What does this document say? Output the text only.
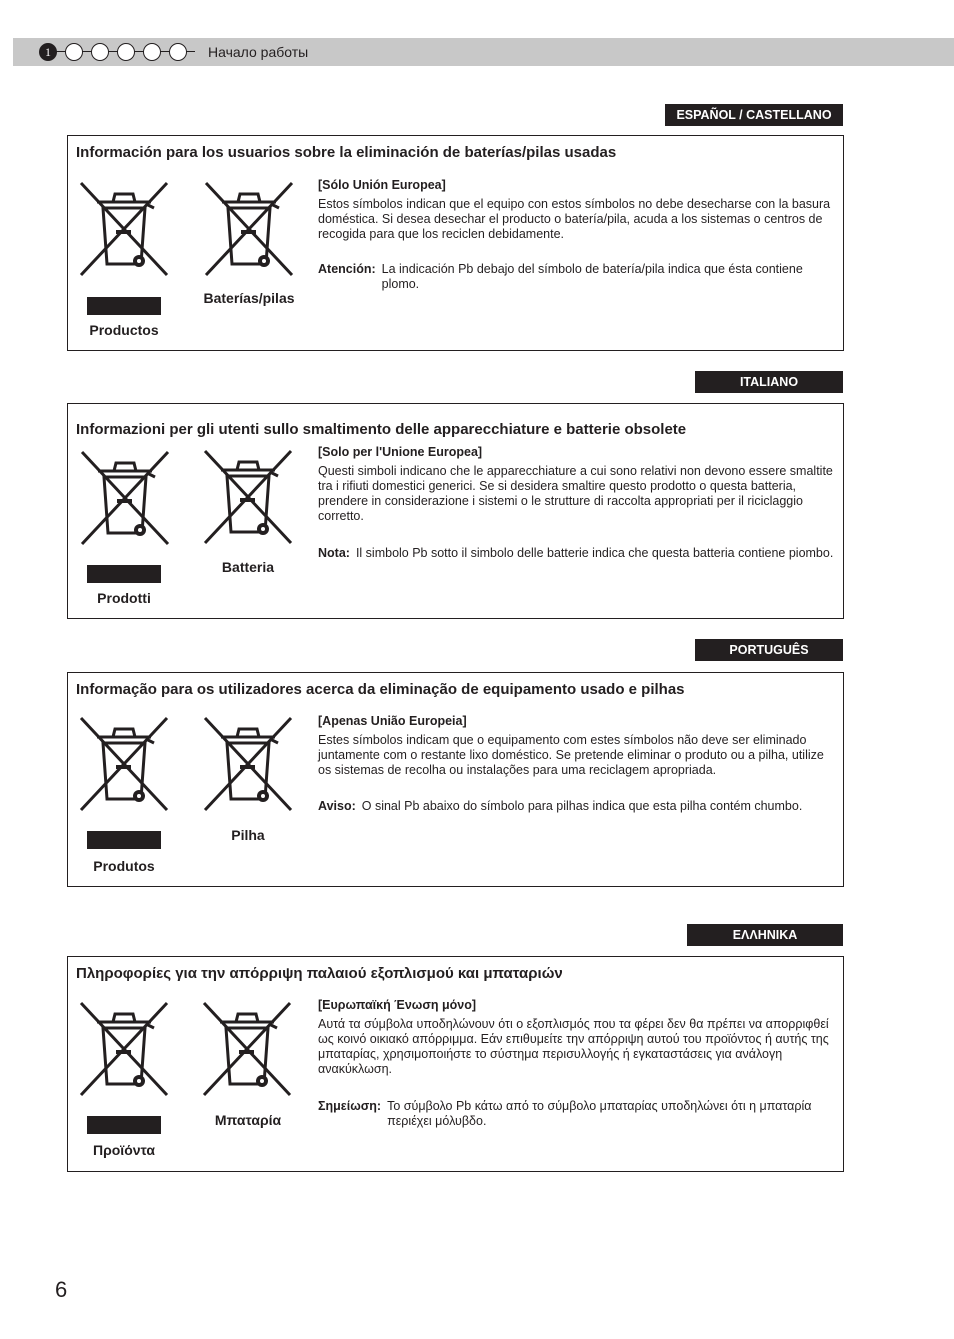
1	Начало работы
ESPAÑOL / CASTELLANO
Información para los usuarios sobre la eliminación de baterías/pilas usadas
Productos
Baterías/pilas
[Sólo Unión Europea]
Estos símbolos indican que el equipo con estos símbolos no debe desecharse con la basura doméstica. Si desea desechar el producto o batería/pila, acuda a los sistemas o centros de recogida para que los reciclen debidamente.
Atención: La indicación Pb debajo del símbolo de batería/pila indica que ésta contiene plomo.
ITALIANO
Informazioni per gli utenti sullo smaltimento delle apparecchiature e batterie obsolete
Prodotti
Batteria
[Solo per l'Unione Europea]
Questi simboli indicano che le apparecchiature a cui sono relativi non devono essere smaltite tra i rifiuti domestici generici. Se si desidera smaltire questo prodotto o questa batteria, prendere in considerazione i sistemi o le strutture di raccolta appropriati per il riciclaggio corretto.
Nota: Il simbolo Pb sotto il simbolo delle batterie indica che questa batteria contiene piombo.
PORTUGUÊS
Informação para os utilizadores acerca da eliminação de equipamento usado e pilhas
Produtos
Pilha
[Apenas União Europeia]
Estes símbolos indicam que o equipamento com estes símbolos não deve ser eliminado juntamente com o restante lixo doméstico. Se pretende eliminar o produto ou a pilha, utilize os sistemas de recolha ou instalações para uma reciclagem apropriada.
Aviso: O sinal Pb abaixo do símbolo para pilhas indica que esta pilha contém chumbo.
ΕΛΛΗΝΙΚΑ
Πληροφορίες για την απόρριψη παλαιού εξοπλισμού και μπαταριών
Προϊόντα
Μπαταρία
[Ευρωπαϊκή Ένωση μόνο]
Αυτά τα σύμβολα υποδηλώνουν ότι ο εξοπλισμός που τα φέρει δεν θα πρέπει να απορριφθεί ως κοινό οικιακό απόρριμμα. Εάν επιθυμείτε την απόρριψη αυτού του προϊόντος ή αυτής της μπαταρίας, χρησιμοποιήστε το σύστημα περισυλλογής ή εγκαταστάσεις για ανάλογη ανακύκλωση.
Σημείωση: Το σύμβολο Pb κάτω από το σύμβολο μπαταρίας υποδηλώνει ότι η μπαταρία περιέχει μόλυβδο.
6
